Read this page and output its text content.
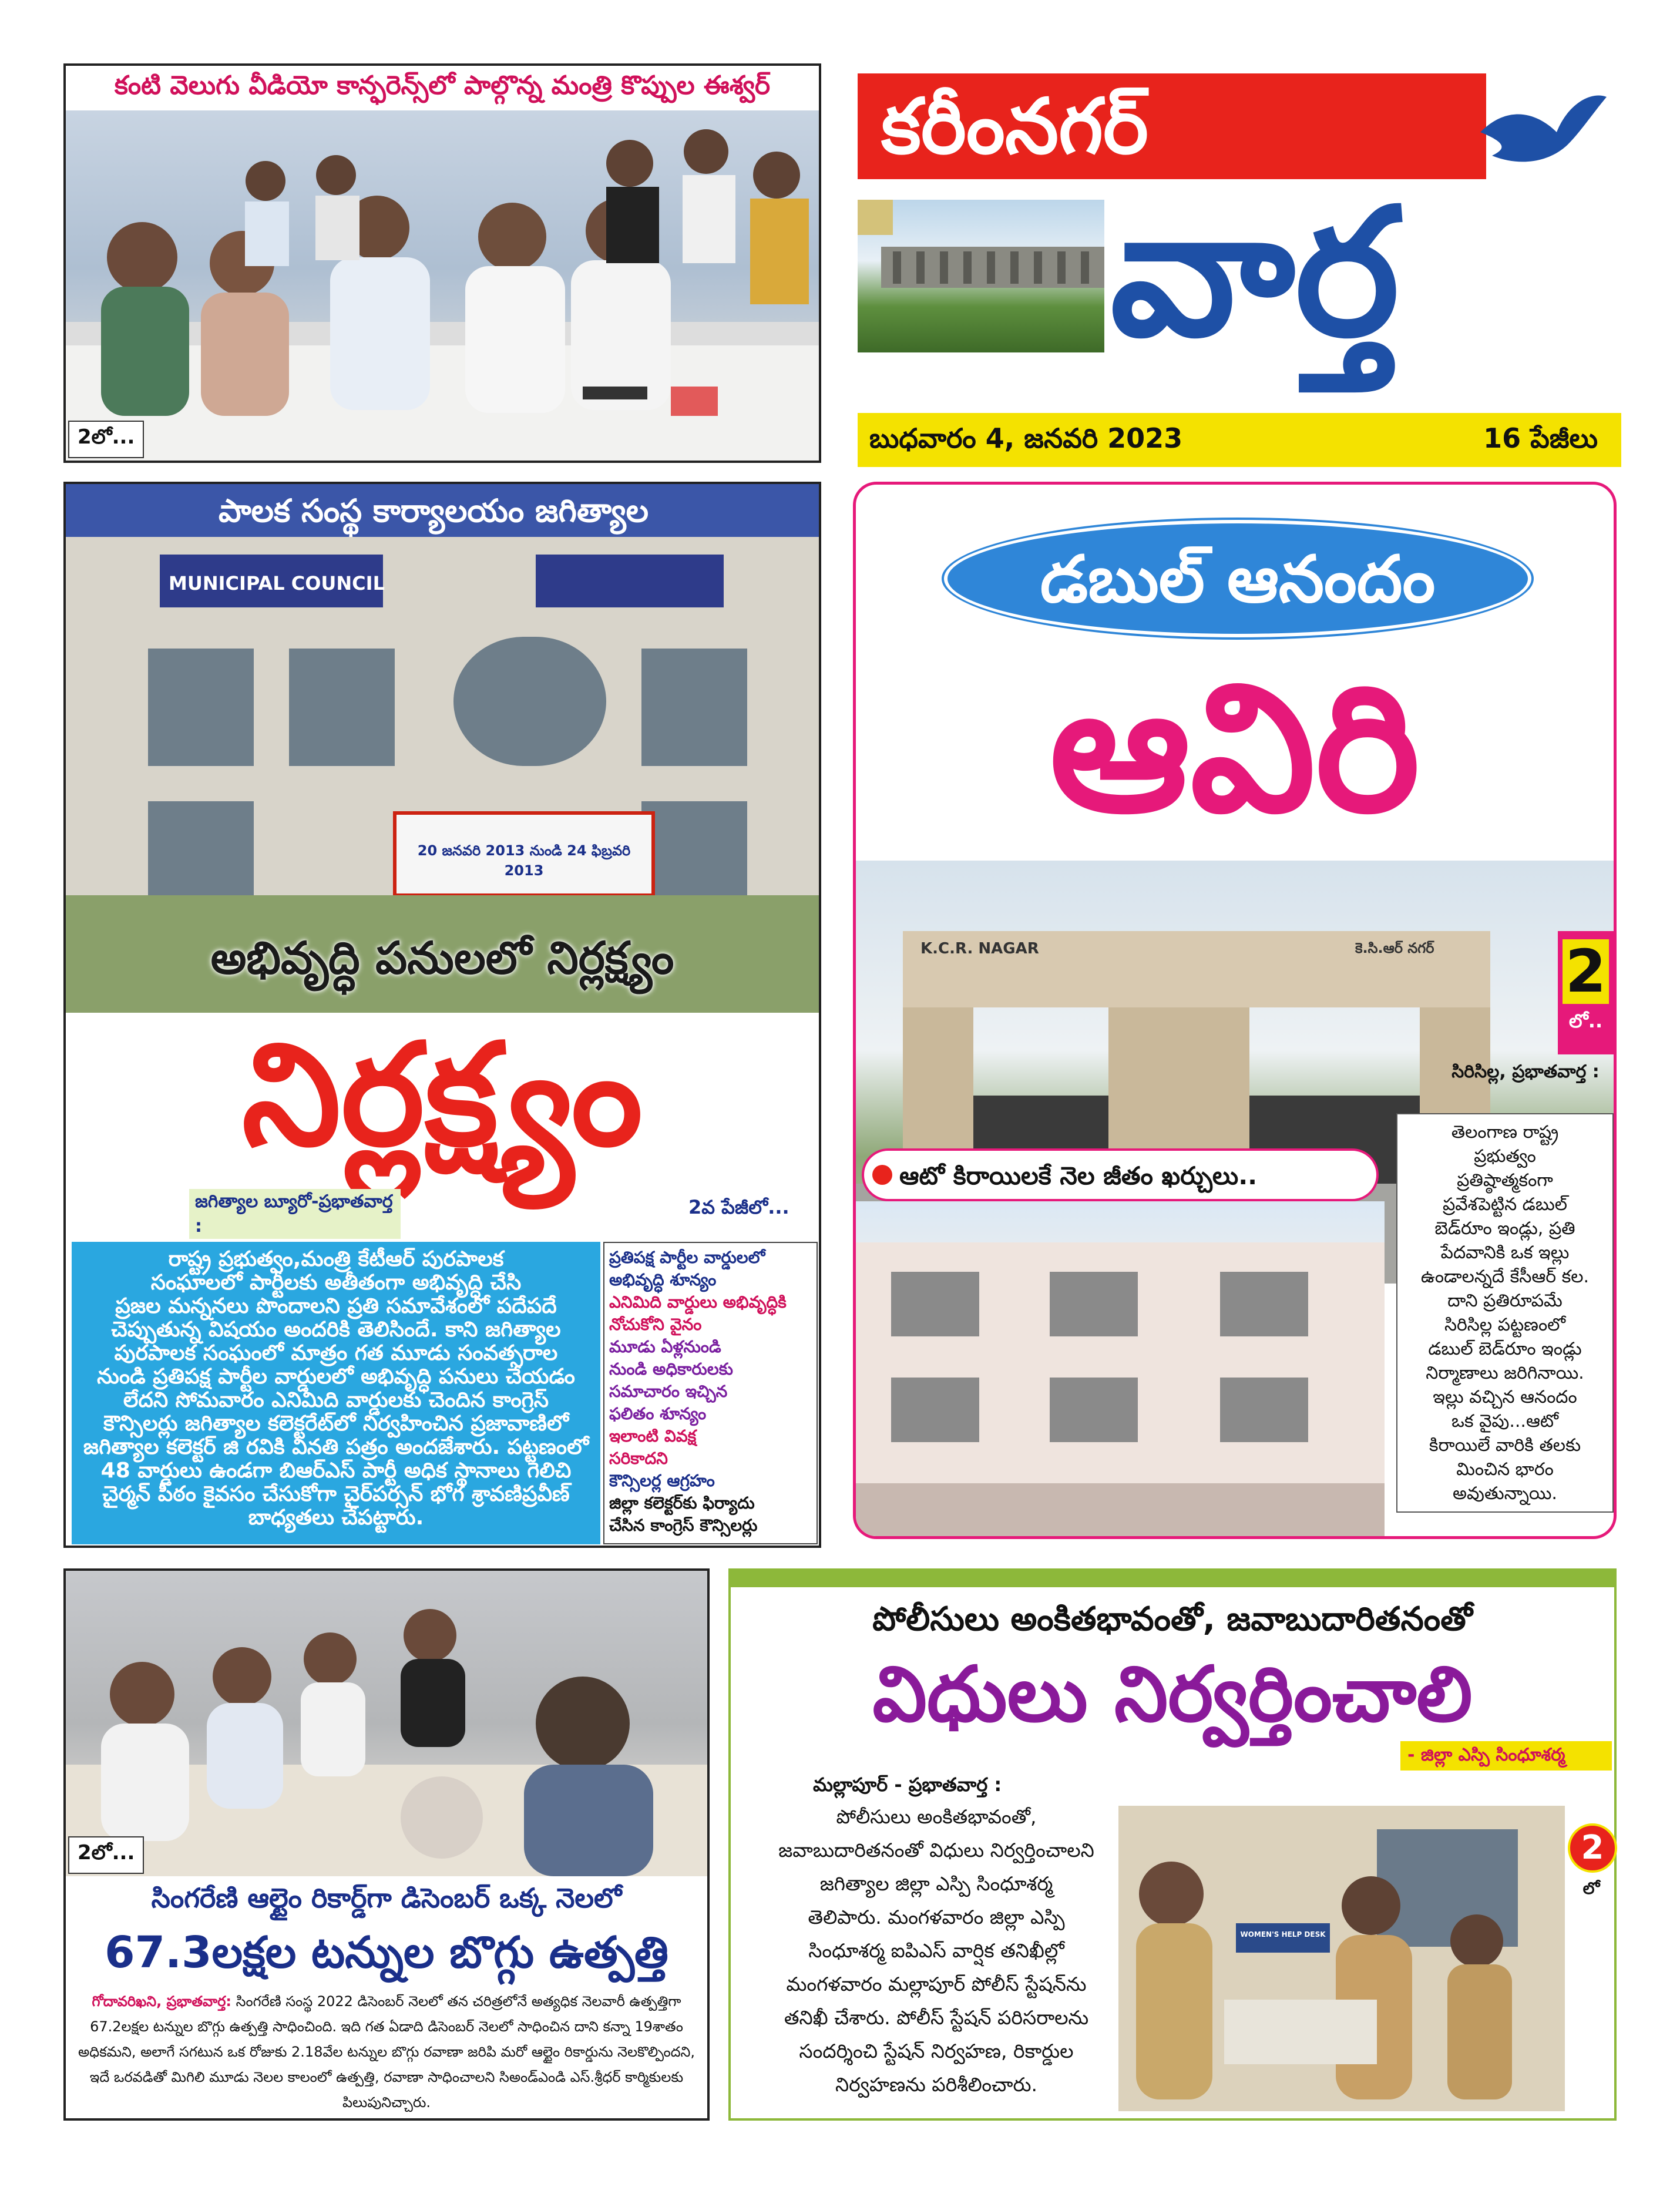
కంటి వెలుగు వీడియో కాన్ఫరెన్స్‌లో పాల్గొన్న మంత్రి కొప్పుల ఈశ్వర్
2లో...
కరీంనగర్
వార్త
బుధవారం 4, జనవరి 2023	16 పేజీలు
పాలక సంస్థ కార్యాలయం జగిత్యాల
MUNICIPAL COUNCIL
20 జనవరి 2013 నుండి 24 ఫిబ్రవరి 2013
అభివృద్ధి పనులలో నిర్లక్ష్యం
నిర్లక్ష్యం
జగిత్యాల బ్యూరో-ప్రభాతవార్త :
2వ పేజీలో...
రాష్ట్ర ప్రభుత్వం,మంత్రి కేటీఆర్ పురపాలక
సంఘాలలో పార్టీలకు అతీతంగా అభివృద్ధి చేసి
ప్రజల మన్ననలు పొందాలని ప్రతి సమావేశంలో పదేపదే
చెప్పుతున్న విషయం అందరికి తెలిసిందే. కాని జగిత్యాల
పురపాలక సంఘంలో మాత్రం గత మూడు సంవత్సరాల
నుండి ప్రతిపక్ష పార్టీల వార్డులలో అభివృద్ధి పనులు చేయడం
లేదని సోమవారం ఎనిమిది వార్డులకు చెందిన కాంగ్రెస్
కౌన్సిలర్లు జగిత్యాల కలెక్టరేట్‌లో నిర్వహించిన ప్రజావాణిలో
జగిత్యాల కలెక్టర్ జి రవికి వినతి పత్రం అందజేశారు. పట్టణంలో
48 వార్డులు ఉండగా బిఆర్‌ఎస్ పార్టీ అధిక స్థానాలు గెలిచి
చైర్మన్ పీఠం కైవసం చేసుకోగా చైర్‌పర్సన్ భోగ శ్రావణిప్రవీణ్
బాధ్యతలు చేపట్టారు.
ప్రతిపక్ష పార్టీల వార్డులలో
అభివృద్ధి శూన్యం
ఎనిమిది వార్డులు అభివృద్ధికి
నోచుకోని వైనం
మూడు ఏళ్లనుండి
నుండి అధికారులకు
సమాచారం ఇచ్చిన
ఫలితం శూన్యం
ఇలాంటి వివక్ష
సరికాదని
కౌన్సిలర్ల ఆగ్రహం
జిల్లా కలెక్టర్‌కు ఫిర్యాదు
చేసిన కాంగ్రెస్ కౌన్సిలర్లు
డబుల్ ఆనందం
ఆవిరి
K.C.R. NAGAR	కె.సి.ఆర్ నగర్ 2
లో..
ఆటో కిరాయిలకే నెల జీతం ఖర్చులు..
సిరిసిల్ల, ప్రభాతవార్త :
తెలంగాణ రాష్ట్ర
ప్రభుత్వం
ప్రతిష్ఠాత్మకంగా
ప్రవేశపెట్టిన డబుల్
బెడ్‌రూం ఇండ్లు, ప్రతి
పేదవానికి ఒక ఇల్లు
ఉండాలన్నదే కేసీఆర్ కల.
దాని ప్రతిరూపమే
సిరిసిల్ల పట్టణంలో
డబుల్ బెడ్‌రూం ఇండ్లు
నిర్మాణాలు జరిగినాయి.
ఇల్లు వచ్చిన ఆనందం
ఒక వైపు...ఆటో
కిరాయిలే వారికి తలకు
మించిన భారం
అవుతున్నాయి.
2లో...
సింగరేణి ఆల్టైం రికార్డ్‌గా డిసెంబర్ ఒక్క నెలలో
67.3లక్షల టన్నుల బొగ్గు ఉత్పత్తి
గోదావరిఖని, ప్రభాతవార్త: సింగరేణి సంస్థ 2022 డిసెంబర్ నెలలో తన చరిత్రలోనే అత్యధిక నెలవారీ ఉత్పత్తిగా 67.2లక్షల టన్నుల బొగ్గు ఉత్పత్తి సాధించింది. ఇది గత ఏడాది డిసెంబర్ నెలలో సాధించిన దాని కన్నా 19శాతం అధికమని, అలాగే సగటున ఒక రోజుకు 2.18వేల టన్నుల బొగ్గు రవాణా జరిపి మరో ఆల్టైం రికార్డును నెలకొల్పిందని, ఇదే ఒరవడితో మిగిలి మూడు నెలల కాలంలో ఉత్పత్తి, రవాణా సాధించాలని సిఅండ్ఎండి ఎస్.శ్రీధర్ కార్మికులకు పిలుపునిచ్చారు.
పోలీసులు అంకితభావంతో, జవాబుదారితనంతో
విధులు నిర్వర్తించాలి
- జిల్లా ఎస్పి సింధూశర్మ
మల్లాపూర్ - ప్రభాతవార్త :
పోలీసులు అంకితభావంతో,
జవాబుదారితనంతో విధులు నిర్వర్తించాలని
జగిత్యాల జిల్లా ఎస్పి సింధూశర్మ
తెలిపారు. మంగళవారం జిల్లా ఎస్పి
సింధూశర్మ ఐపిఎస్ వార్షిక తనిఖీల్లో
మంగళవారం మల్లాపూర్ పోలీస్ స్టేషన్‌ను
తనిఖీ చేశారు. పోలీస్ స్టేషన్ పరిసరాలను
సందర్శించి స్టేషన్ నిర్వహణ, రికార్డుల
నిర్వహణను పరిశీలించారు.
WOMEN'S HELP DESK
2
లో
